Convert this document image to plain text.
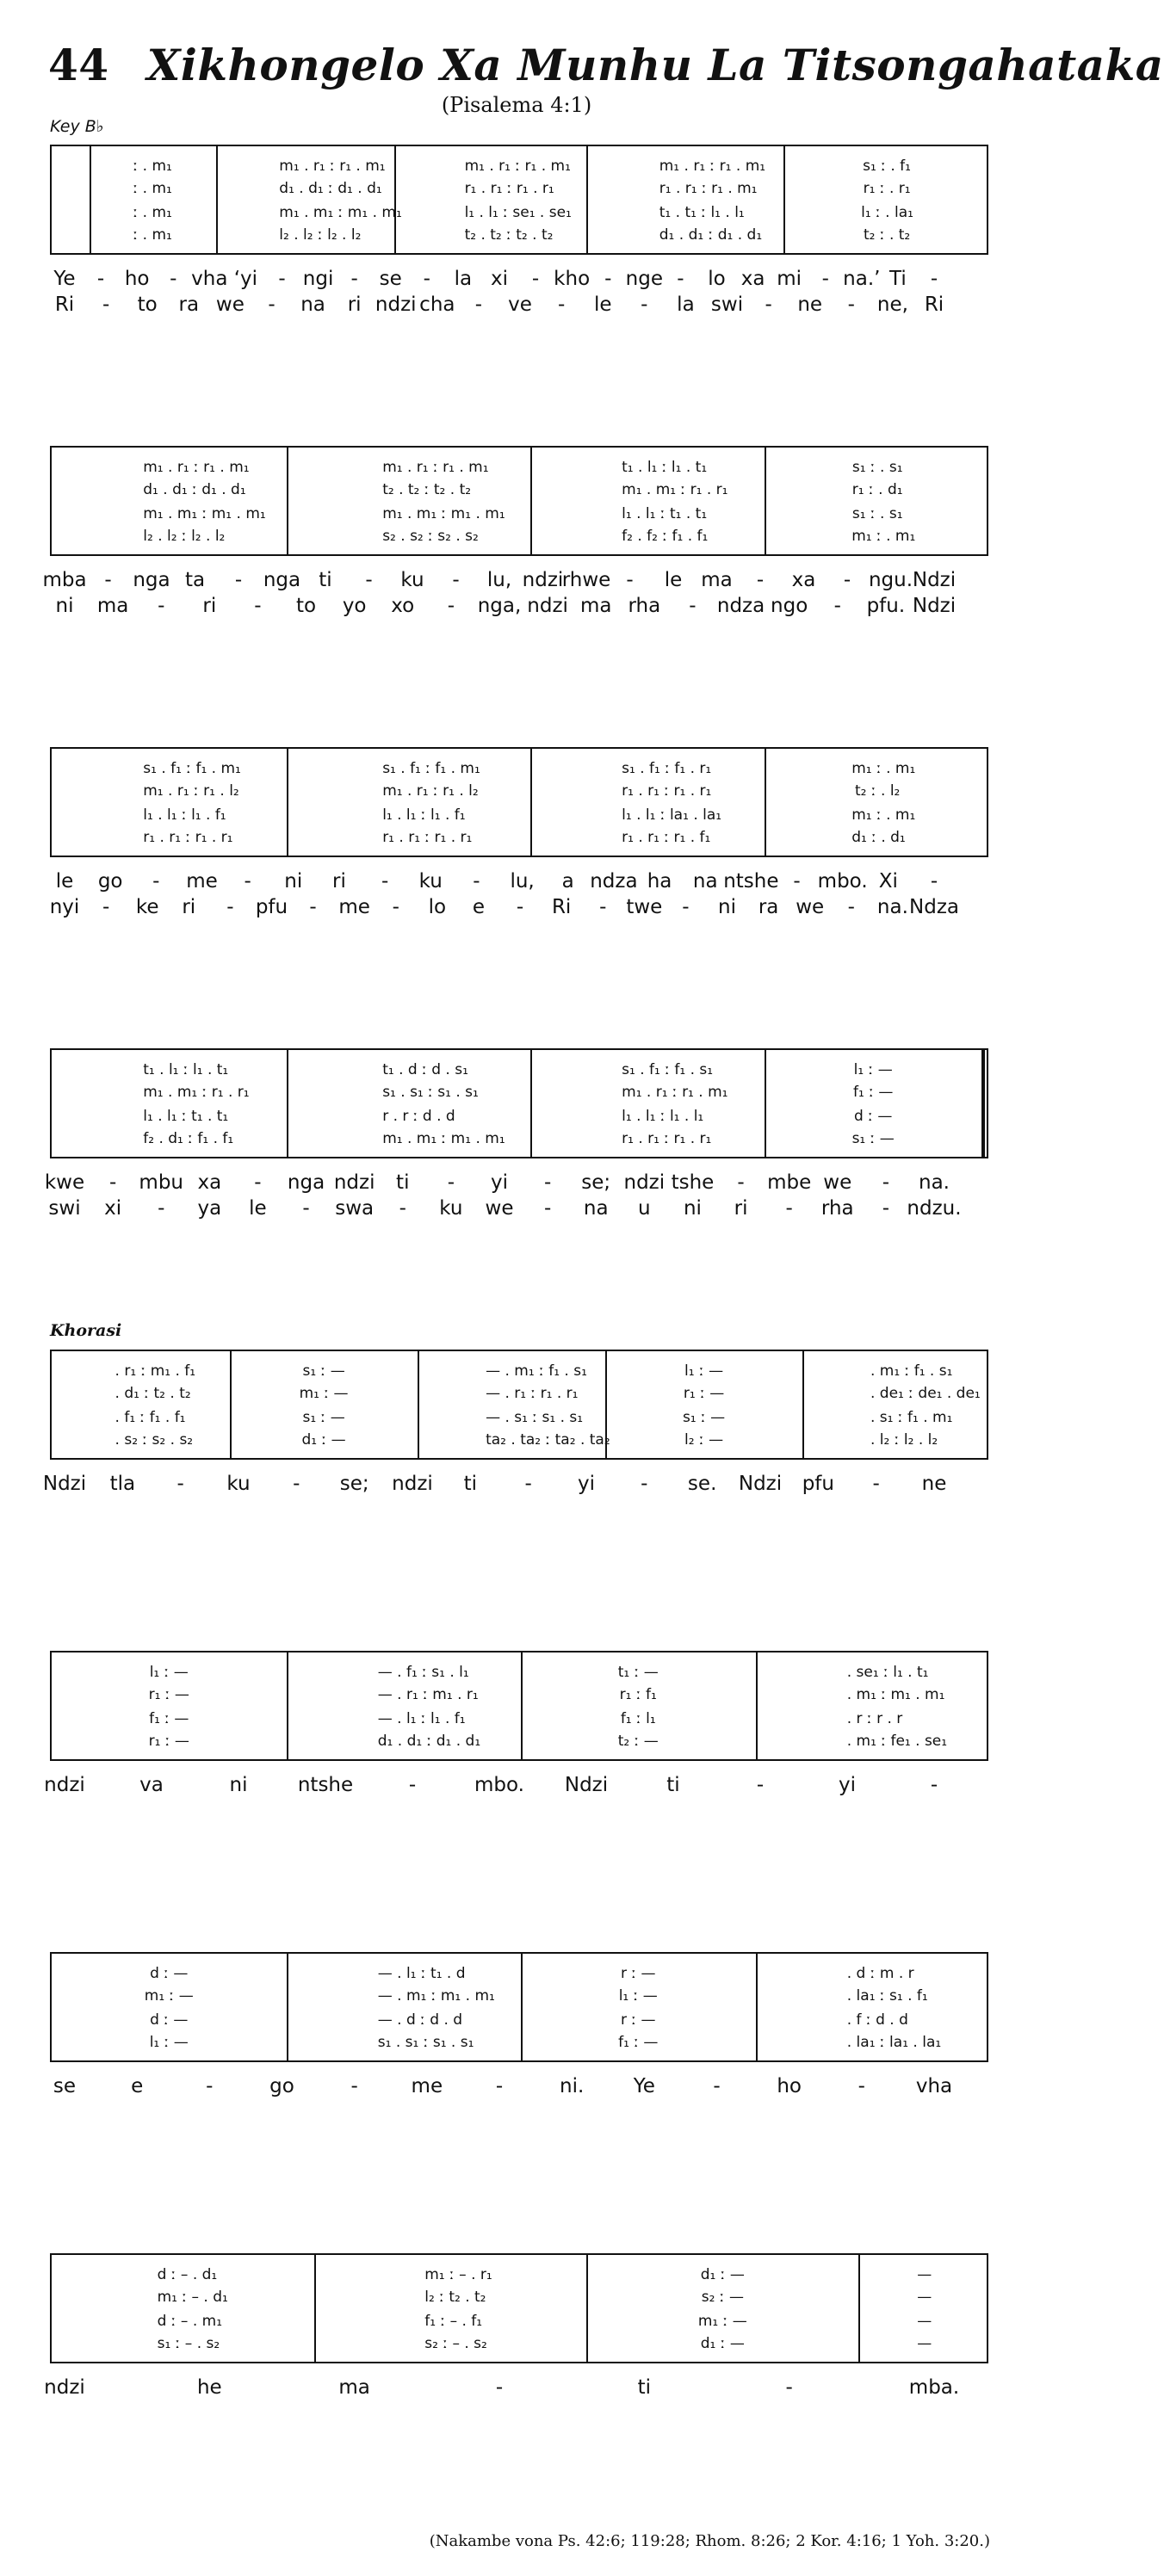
44 Xikhongelo Xa Munhu La Titsongahataka
(Pisalema 4:1)
Key B♭
Khorasi
(Nakambe vona Ps. 42:6; 119:28; Rhom. 8:26; 2 Kor. 4:16; 1 Yoh. 3:20.)
ː . m₁	m₁ . r₁ ː r₁ . m₁	m₁ . r₁ ː r₁ . m₁	m₁ . r₁ ː r₁ . m₁	s₁ ː . f₁
ː . m₁	d₁ . d₁ ː d₁ . d₁	r₁ . r₁ ː r₁ . r₁	r₁ . r₁ ː r₁ . m₁	r₁ ː . r₁
ː . m₁	m₁ . m₁ ː m₁ . m₁	l₁ . l₁ ː se₁ . se₁	t₁ . t₁ ː l₁ . l₁	l₁ ː . la₁
ː . m₁	l₂ . l₂ ː l₂ . l₂	t₂ . t₂ ː t₂ . t₂	d₁ . d₁ ː d₁ . d₁	t₂ ː . t₂
Ye - ho - vha ‘yi - ngi - se - la xi - kho - nge - lo xa mi - na.’ Ti -
Ri - to ra we - na ri ndzi cha - ve - le - la swi - ne - ne, Ri
m₁ . r₁ ː r₁ . m₁	m₁ . r₁ ː r₁ . m₁	t₁ . l₁ ː l₁ . t₁	s₁ ː . s₁
d₁ . d₁ ː d₁ . d₁	t₂ . t₂ ː t₂ . t₂	m₁ . m₁ ː r₁ . r₁	r₁ ː . d₁
m₁ . m₁ ː m₁ . m₁	m₁ . m₁ ː m₁ . m₁	l₁ . l₁ ː t₁ . t₁	s₁ ː . s₁
l₂ . l₂ ː l₂ . l₂	s₂ . s₂ ː s₂ . s₂	f₂ . f₂ ː f₁ . f₁	m₁ ː . m₁
mba - nga ta - nga ti - ku - lu, ndzi
rhwe - le ma - xa - ngu. Ndzi
ni ma - ri - to yo xo - nga, ndzi ma rha - ndza ngo - pfu. Ndzi
s₁ . f₁ ː f₁ . m₁	s₁ . f₁ ː f₁ . m₁	s₁ . f₁ ː f₁ . r₁	m₁ ː . m₁
m₁ . r₁ ː r₁ . l₂	m₁ . r₁ ː r₁ . l₂	r₁ . r₁ ː r₁ . r₁	t₂ ː . l₂
l₁ . l₁ ː l₁ . f₁	l₁ . l₁ ː l₁ . f₁	l₁ . l₁ ː la₁ . la₁	m₁ ː . m₁
r₁ . r₁ ː r₁ . r₁	r₁ . r₁ ː r₁ . r₁	r₁ . r₁ ː r₁ . f₁	d₁ ː . d₁
le go - me - ni ri - ku - lu, a ndza ha na ntshe - mbo. Xi -
nyi - ke ri - pfu - me - lo e - Ri - twe - ni ra we - na. Ndza
t₁ . l₁ ː l₁ . t₁	t₁ . d ː d . s₁	s₁ . f₁ ː f₁ . s₁	l₁ ː —
m₁ . m₁ ː r₁ . r₁	s₁ . s₁ ː s₁ . s₁	m₁ . r₁ ː r₁ . m₁	f₁ ː —
l₁ . l₁ ː t₁ . t₁	r . r ː d . d	l₁ . l₁ ː l₁ . l₁	d ː —
f₂ . d₁ ː f₁ . f₁	m₁ . m₁ ː m₁ . m₁	r₁ . r₁ ː r₁ . r₁	s₁ ː —
kwe - mbu xa - nga ndzi ti - yi - se; ndzi tshe - mbe we - na.
swi xi - ya le - swa - ku we - na u ni ri - rha - ndzu.
. r₁ ː m₁ . f₁	s₁ ː —	— . m₁ ː f₁ . s₁	l₁ ː —	. m₁ ː f₁ . s₁
. d₁ ː t₂ . t₂	m₁ ː —	— . r₁ ː r₁ . r₁	r₁ ː —	. de₁ ː de₁ . de₁
. f₁ ː f₁ . f₁	s₁ ː —	— . s₁ ː s₁ . s₁	s₁ ː —	. s₁ ː f₁ . m₁
. s₂ ː s₂ . s₂	d₁ ː —	ta₂ . ta₂ ː ta₂ . ta₂	l₂ ː —	. l₂ ː l₂ . l₂
Ndzi tla - ku - se; ndzi ti - yi - se. Ndzi pfu - ne
l₁ ː —	— . f₁ ː s₁ . l₁	t₁ ː —	. se₁ ː l₁ . t₁
r₁ ː —	— . r₁ ː m₁ . r₁	r₁ ː f₁	. m₁ ː m₁ . m₁
f₁ ː —	— . l₁ ː l₁ . f₁	f₁ ː l₁	. r ː r . r
r₁ ː —	d₁ . d₁ ː d₁ . d₁	t₂ ː —	. m₁ ː fe₁ . se₁
ndzi	va	ni	ntshe	-	mbo. Ndzi	ti	-	yi	-
d ː —	— . l₁ ː t₁ . d	r ː —	. d ː m . r
m₁ ː —	— . m₁ ː m₁ . m₁	l₁ ː —	. la₁ ː s₁ . f₁
d ː —	— . d ː d . d	r ː —	. f ː d . d
l₁ ː —	s₁ . s₁ ː s₁ . s₁	f₁ ː —	. la₁ ː la₁ . la₁
se	e	-	go	-	me	-	ni. Ye	-	ho	-	vha
d ː – . d₁	m₁ ː – . r₁	d₁ ː —	—
m₁ ː – . d₁	l₂ ː t₂ . t₂	s₂ ː —	—
d ː – . m₁	f₁ ː – . f₁	m₁ ː —	—
s₁ ː – . s₂	s₂ ː – . s₂	d₁ ː —	—
ndzi	he	ma	-	ti	-	mba.
